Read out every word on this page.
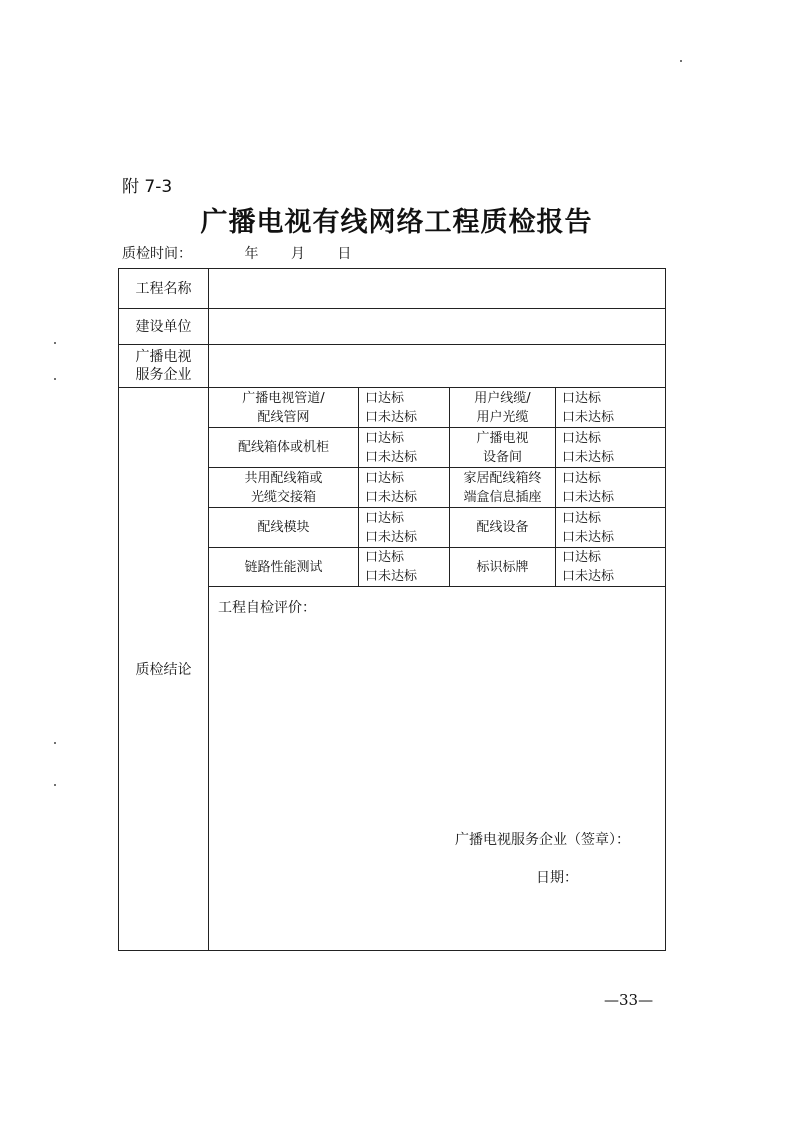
附 7-3
广播电视有线网络工程质检报告
质检时间：	年 月 日
工程名称
建设单位
广播电视
服务企业
质检结论
广播电视管道/
配线管网
口达标
口未达标
用户线缆/
用户光缆
口达标
口未达标
配线箱体或机柜
口达标
口未达标
广播电视
设备间
口达标
口未达标
共用配线箱或
光缆交接箱
口达标
口未达标
家居配线箱终
端盒信息插座
口达标
口未达标
配线模块
口达标
口未达标
配线设备
口达标
口未达标
链路性能测试
口达标
口未达标
标识标牌
口达标
口未达标
工程自检评价：
广播电视服务企业（签章）：
日期：
—33—
